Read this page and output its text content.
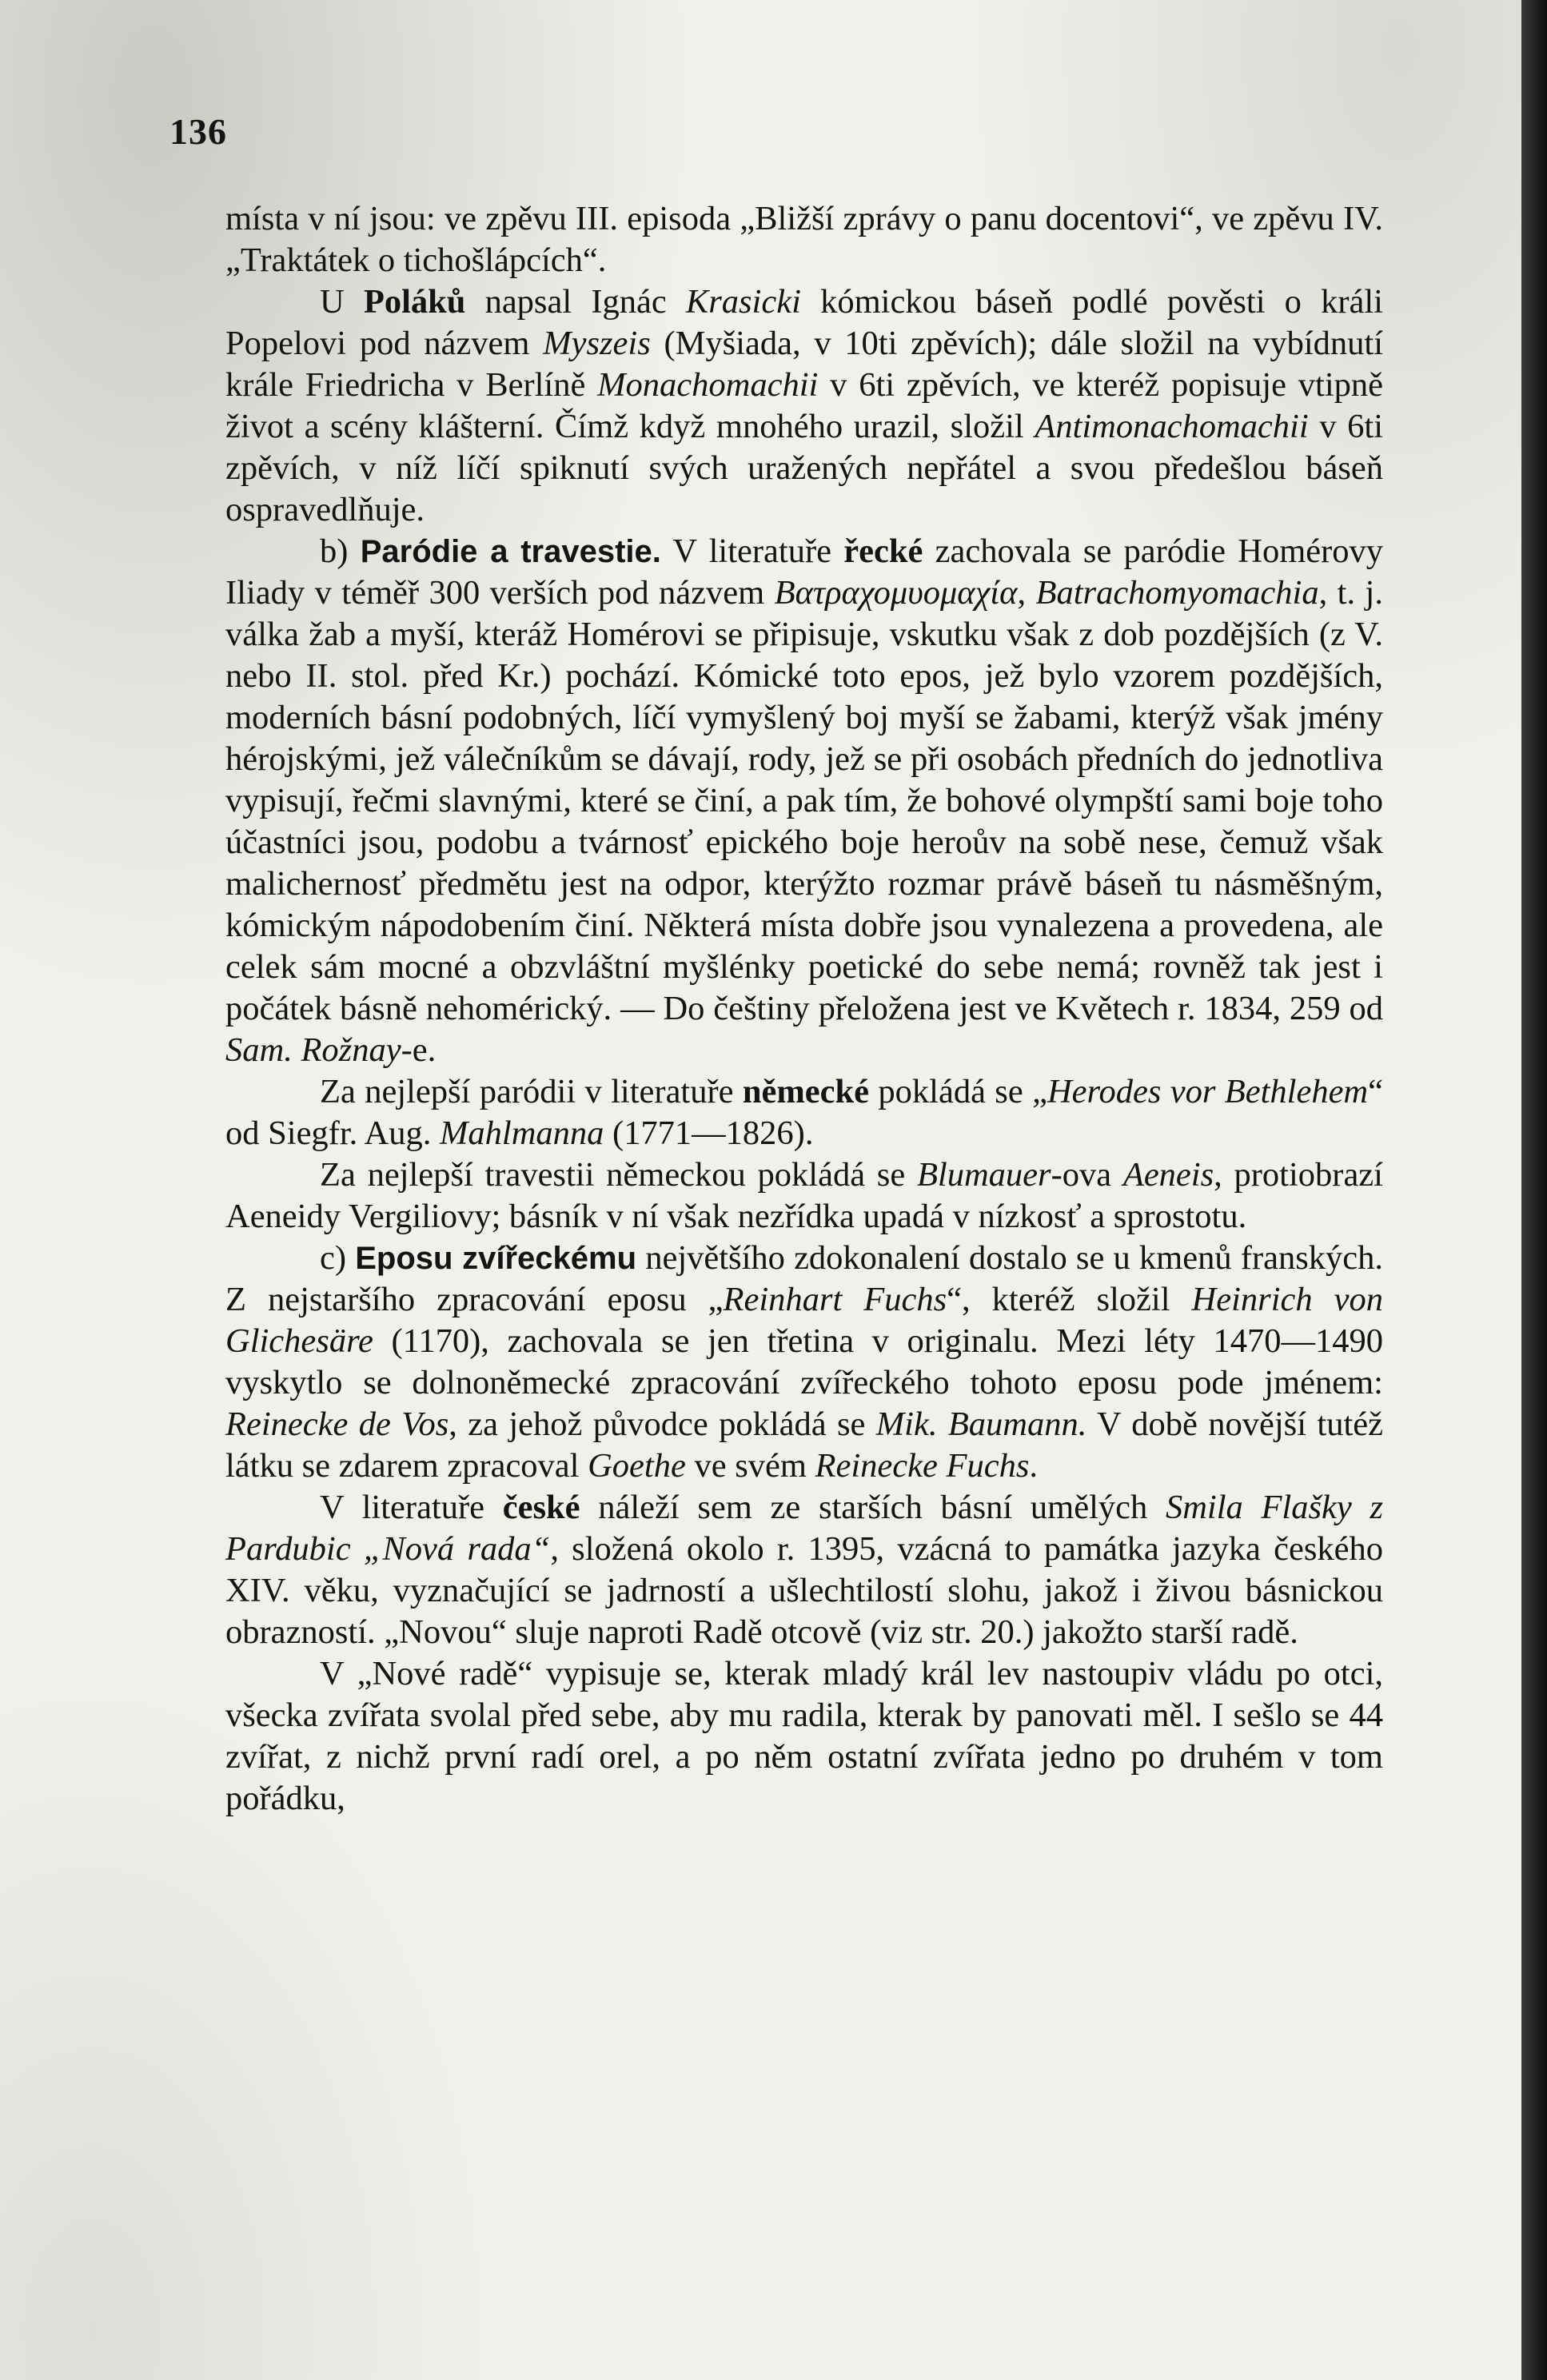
136

místa v ní jsou: ve zpěvu III. episoda „Bližší zprávy o panu docentovi“, ve zpěvu IV. „Traktátek o tichošlápcích“.

U Poláků napsal Ignác Krasicki kómickou báseň podlé pověsti o králi Popelovi pod názvem Myszeis (Myšiada, v 10ti zpěvích); dále složil na vybídnutí krále Friedricha v Berlíně Monachomachii v 6ti zpěvích, ve kteréž popisuje vtipně život a scény klášterní. Čímž když mnohého urazil, složil Antimonachomachii v 6ti zpěvích, v níž líčí spiknutí svých uražených nepřátel a svou předešlou báseň ospravedlňuje.

b) Paródie a travestie. V literatuře řecké zachovala se paródie Homérovy Iliady v téměř 300 verších pod názvem Βατραχομυομαχία, Batrachomyomachia, t. j. válka žab a myší, kteráž Homérovi se připisuje, vskutku však z dob pozdějších (z V. nebo II. stol. před Kr.) pochází. Kómické toto epos, jež bylo vzorem pozdějších, moderních básní podobných, líčí vymyšlený boj myší se žabami, kterýž však jmény hérojskými, jež válečníkům se dávají, rody, jež se při osobách předních do jednotliva vypisují, řečmi slavnými, které se činí, a pak tím, že bohové olympští sami boje toho účastníci jsou, podobu a tvárnosť epického boje heroův na sobě nese, čemuž však malichernosť předmětu jest na odpor, kterýžto rozmar právě báseň tu násměšným, kómickým nápodobením činí. Některá místa dobře jsou vynalezena a provedena, ale celek sám mocné a obzvláštní myšlénky poetické do sebe nemá; rovněž tak jest i počátek básně nehomérický. — Do češtiny přeložena jest ve Květech r. 1834, 259 od Sam. Rožnay-e.

Za nejlepší paródii v literatuře německé pokládá se „Herodes vor Bethlehem“ od Siegfr. Aug. Mahlmanna (1771—1826).

Za nejlepší travestii německou pokládá se Blumauer-ova Aeneis, protiobrazí Aeneidy Vergiliovy; básník v ní však nezřídka upadá v nízkosť a sprostotu.

c) Eposu zvířeckému největšího zdokonalení dostalo se u kmenů franských. Z nejstaršího zpracování eposu „Reinhart Fuchs“, kteréž složil Heinrich von Glichesäre (1170), zachovala se jen třetina v originalu. Mezi léty 1470—1490 vyskytlo se dolnoněmecké zpracování zvířeckého tohoto eposu pode jménem: Reinecke de Vos, za jehož původce pokládá se Mik. Baumann. V době novější tutéž látku se zdarem zpracoval Goethe ve svém Reinecke Fuchs.

V literatuře české náleží sem ze starších básní umělých Smila Flašky z Pardubic „Nová rada“, složená okolo r. 1395, vzácná to památka jazyka českého XIV. věku, vyznačující se jadrností a ušlechtilostí slohu, jakož i živou básnickou obrazností. „Novou“ sluje naproti Radě otcově (viz str. 20.) jakožto starší radě.

V „Nové radě“ vypisuje se, kterak mladý král lev nastoupiv vládu po otci, všecka zvířata svolal před sebe, aby mu radila, kterak by panovati měl. I sešlo se 44 zvířat, z nichž první radí orel, a po něm ostatní zvířata jedno po druhém v tom pořádku,
